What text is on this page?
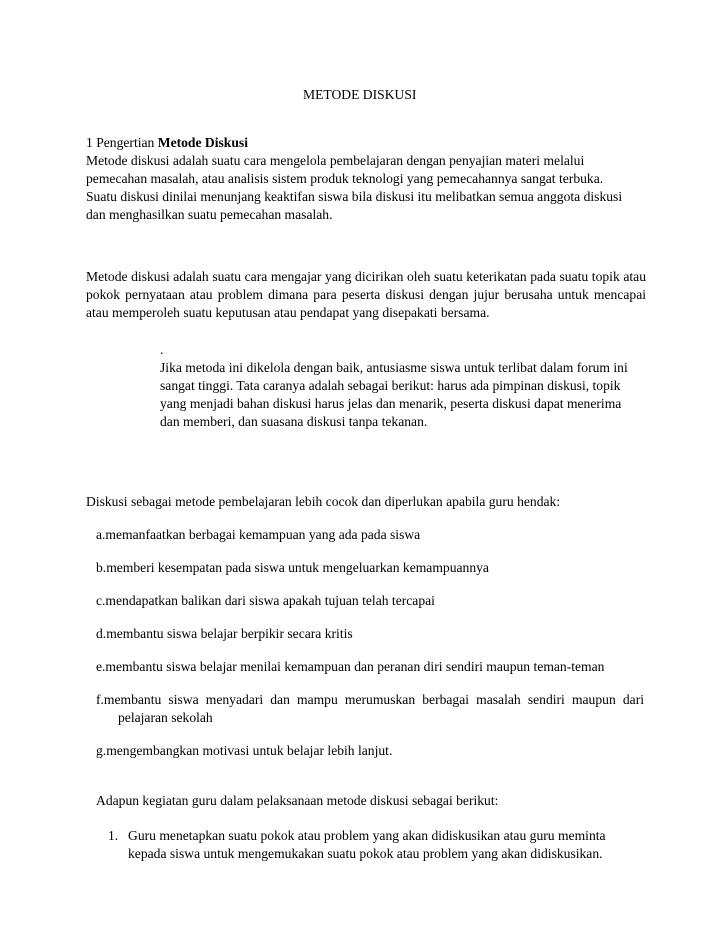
METODE DISKUSI
1 Pengertian Metode Diskusi
Metode diskusi adalah suatu cara mengelola pembelajaran dengan penyajian materi melalui pemecahan masalah, atau analisis sistem produk teknologi yang pemecahannya sangat terbuka. Suatu diskusi dinilai menunjang keaktifan siswa bila diskusi itu melibatkan semua anggota diskusi dan menghasilkan suatu pemecahan masalah.
Metode diskusi adalah suatu cara mengajar yang dicirikan oleh suatu keterikatan pada suatu topik atau pokok pernyataan atau problem dimana para peserta diskusi dengan jujur berusaha untuk mencapai atau memperoleh suatu keputusan atau pendapat yang disepakati bersama.
.
Jika metoda ini dikelola dengan baik, antusiasme siswa untuk terlibat dalam forum ini sangat tinggi. Tata caranya adalah sebagai berikut: harus ada pimpinan diskusi, topik yang menjadi bahan diskusi harus jelas dan menarik, peserta diskusi dapat menerima dan memberi, dan suasana diskusi tanpa tekanan.
Diskusi sebagai metode pembelajaran lebih cocok dan diperlukan apabila guru hendak:
a.memanfaatkan berbagai kemampuan yang ada pada siswa
b.memberi kesempatan pada siswa untuk mengeluarkan kemampuannya
c.mendapatkan balikan dari siswa apakah tujuan telah tercapai
d.membantu siswa belajar berpikir secara kritis
e.membantu siswa belajar menilai kemampuan dan peranan diri sendiri maupun teman-teman
f.membantu siswa menyadari dan mampu merumuskan berbagai masalah sendiri maupun dari
pelajaran sekolah
g.mengembangkan motivasi untuk belajar lebih lanjut.
Adapun kegiatan guru dalam pelaksanaan metode diskusi sebagai berikut:
1. Guru menetapkan suatu pokok atau problem yang akan didiskusikan atau guru meminta kepada siswa untuk mengemukakan suatu pokok atau problem yang akan didiskusikan.
